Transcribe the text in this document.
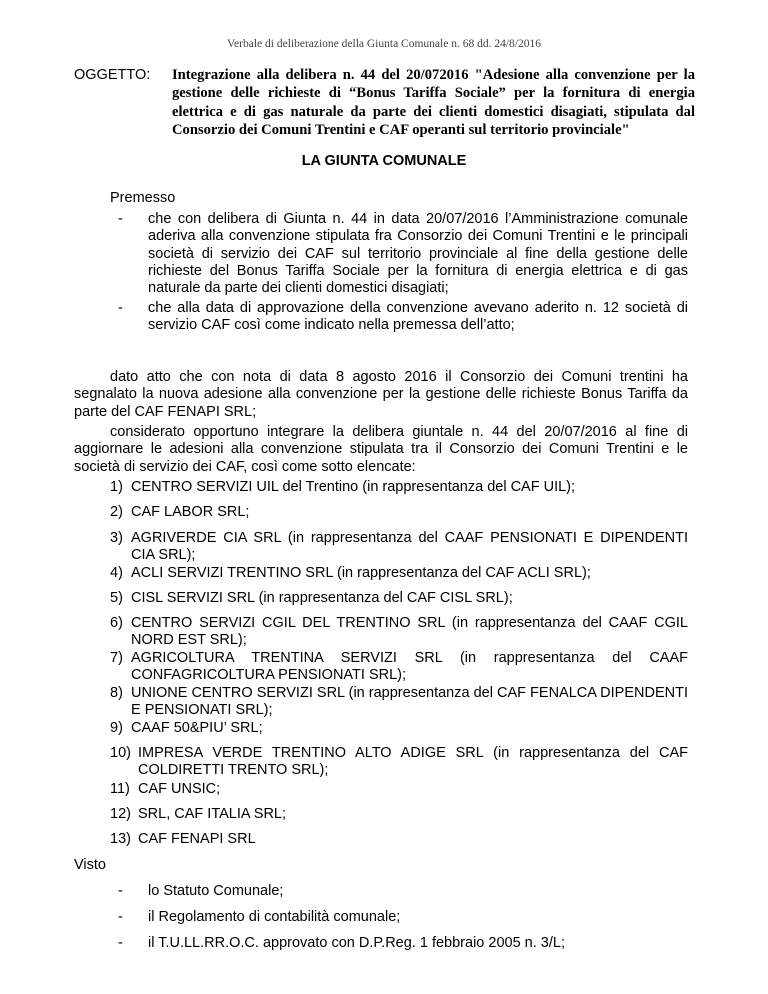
Verbale di deliberazione della Giunta Comunale n. 68 dd. 24/8/2016
OGGETTO: Integrazione alla delibera n. 44 del 20/072016 "Adesione alla convenzione per la gestione delle richieste di “Bonus Tariffa Sociale” per la fornitura di energia elettrica e di gas naturale da parte dei clienti domestici disagiati, stipulata dal Consorzio dei Comuni Trentini e CAF operanti sul territorio provinciale"
LA GIUNTA COMUNALE
Premesso
- che con delibera di Giunta n. 44 in data 20/07/2016 l’Amministrazione comunale aderiva alla convenzione stipulata fra Consorzio dei Comuni Trentini e le principali società di servizio dei CAF sul territorio provinciale al fine della gestione delle richieste del Bonus Tariffa Sociale per la fornitura di energia elettrica e di gas naturale da parte dei clienti domestici disagiati;
- che alla data di approvazione della convenzione avevano aderito n. 12 società di servizio CAF così come indicato nella premessa dell’atto;
dato atto che con nota di data 8 agosto 2016 il Consorzio dei Comuni trentini ha segnalato la nuova adesione alla convenzione per la gestione delle richieste Bonus Tariffa da parte del CAF FENAPI SRL;
considerato opportuno integrare la delibera giuntale n. 44 del 20/07/2016 al fine di aggiornare le adesioni alla convenzione stipulata tra il Consorzio dei Comuni Trentini e le società di servizio dei CAF, così come sotto elencate:
1) CENTRO SERVIZI UIL del Trentino (in rappresentanza del CAF UIL);
2) CAF LABOR SRL;
3) AGRIVERDE CIA SRL (in rappresentanza del CAAF PENSIONATI E DIPENDENTI CIA SRL);
4) ACLI SERVIZI TRENTINO SRL (in rappresentanza del CAF ACLI SRL);
5) CISL SERVIZI SRL (in rappresentanza del CAF CISL SRL);
6) CENTRO SERVIZI CGIL DEL TRENTINO SRL (in rappresentanza del CAAF CGIL NORD EST SRL);
7) AGRICOLTURA TRENTINA SERVIZI SRL (in rappresentanza del CAAF CONFAGRICOLTURA PENSIONATI SRL);
8) UNIONE CENTRO SERVIZI SRL (in rappresentanza del CAF FENALCA DIPENDENTI E PENSIONATI SRL);
9) CAAF 50&PIU’ SRL;
10) IMPRESA VERDE TRENTINO ALTO ADIGE SRL (in rappresentanza del CAF COLDIRETTI TRENTO SRL);
11) CAF UNSIC;
12) SRL, CAF ITALIA SRL;
13) CAF FENAPI SRL
Visto
- lo Statuto Comunale;
- il Regolamento di contabilità comunale;
- il T.U.LL.RR.O.C. approvato con D.P.Reg. 1 febbraio 2005 n. 3/L;
